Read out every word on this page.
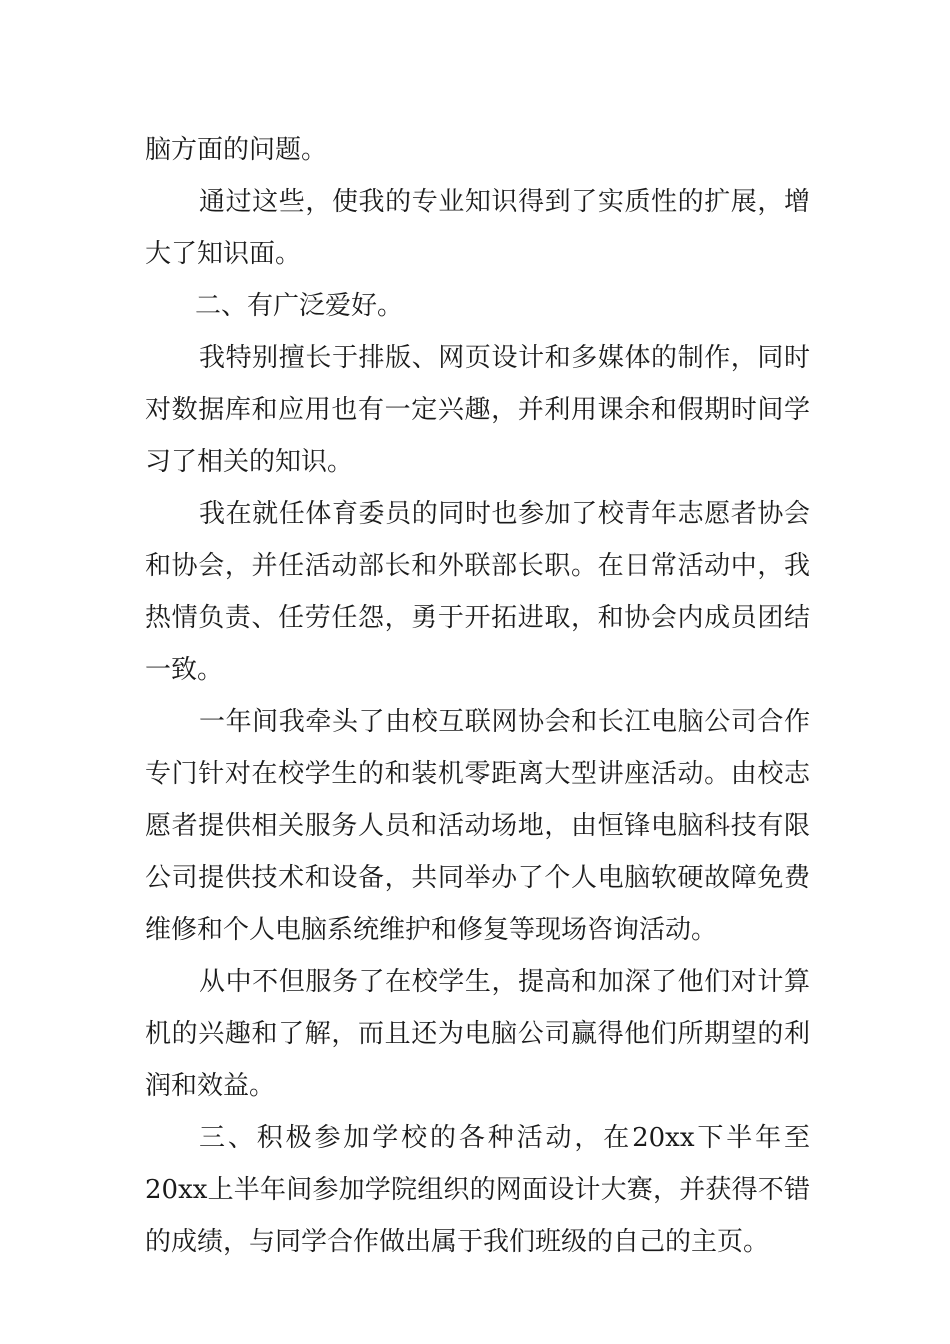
脑方面的问题。

通过这些，使我的专业知识得到了实质性的扩展，增大了知识面。

二、有广泛爱好。

我特别擅长于排版、网页设计和多媒体的制作，同时对数据库和应用也有一定兴趣，并利用课余和假期时间学习了相关的知识。

我在就任体育委员的同时也参加了校青年志愿者协会和协会，并任活动部长和外联部长职。在日常活动中，我热情负责、任劳任怨，勇于开拓进取，和协会内成员团结一致。

一年间我牵头了由校互联网协会和长江电脑公司合作专门针对在校学生的和装机零距离大型讲座活动。由校志愿者提供相关服务人员和活动场地，由恒锋电脑科技有限公司提供技术和设备，共同举办了个人电脑软硬故障免费维修和个人电脑系统维护和修复等现场咨询活动。

从中不但服务了在校学生，提高和加深了他们对计算机的兴趣和了解，而且还为电脑公司赢得他们所期望的利润和效益。

三、积极参加学校的各种活动，在20xx下半年至20xx上半年间参加学院组织的网面设计大赛，并获得不错的成绩，与同学合作做出属于我们班级的自己的主页。
